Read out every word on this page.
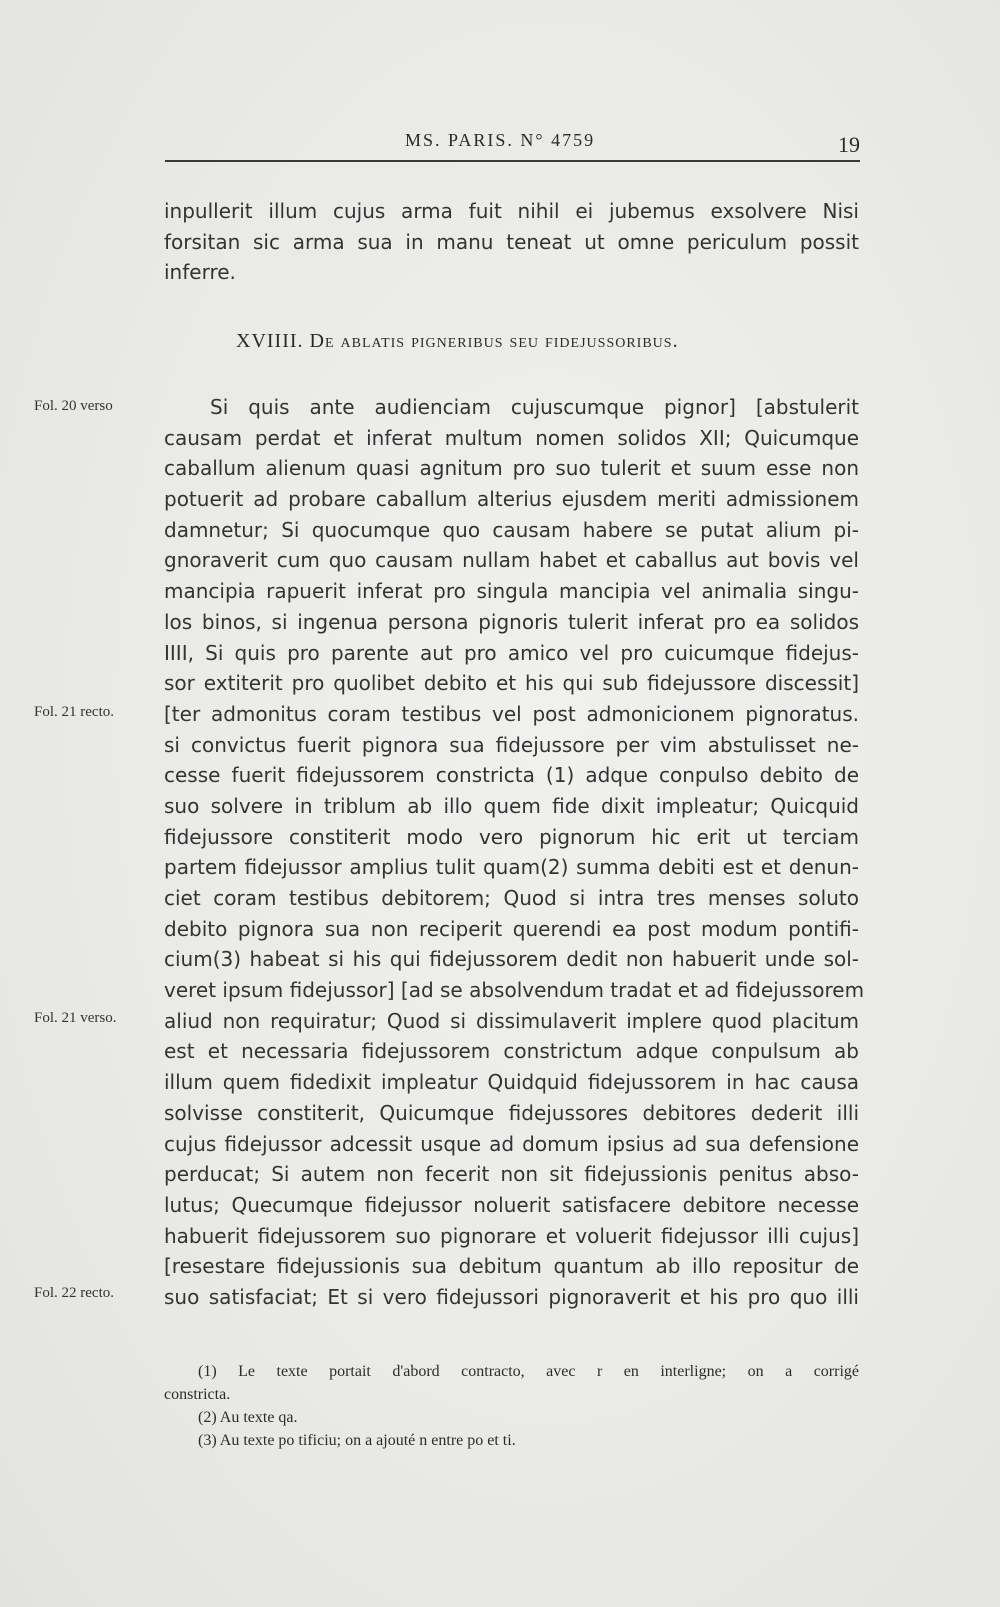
MS. PARIS. N° 4759	19
inpullerit illum cujus arma fuit nihil ei jubemus exsolvere Nisi
forsitan sic arma sua in manu teneat ut omne periculum possit
inferre.
XVIIII. De ablatis pigneribus seu fidejussoribus.
Fol. 20 verso
Fol. 21 recto.
Fol. 21 verso.
Fol. 22 recto.
Si quis ante audienciam cujuscumque pignor] [abstulerit
causam perdat et inferat multum nomen solidos XII; Quicumque
caballum alienum quasi agnitum pro suo tulerit et suum esse non
potuerit ad probare caballum alterius ejusdem meriti admissionem
damnetur; Si quocumque quo causam habere se putat alium pi-
gnoraverit cum quo causam nullam habet et caballus aut bovis vel
mancipia rapuerit inferat pro singula mancipia vel animalia singu-
los binos, si ingenua persona pignoris tulerit inferat pro ea solidos
IIII, Si quis pro parente aut pro amico vel pro cuicumque fidejus-
sor extiterit pro quolibet debito et his qui sub fidejussore discessit]
[ter admonitus coram testibus vel post admonicionem pignoratus.
si convictus fuerit pignora sua fidejussore per vim abstulisset ne-
cesse fuerit fidejussorem constricta (1) adque conpulso debito de
suo solvere in triblum ab illo quem fide dixit impleatur; Quicquid
fidejussore constiterit modo vero pignorum hic erit ut terciam
partem fidejussor amplius tulit quam(2) summa debiti est et denun-
ciet coram testibus debitorem; Quod si intra tres menses soluto
debito pignora sua non reciperit querendi ea post modum pontifi-
cium(3) habeat si his qui fidejussorem dedit non habuerit unde sol-
veret ipsum fidejussor] [ad se absolvendum tradat et ad fidejussorem
aliud non requiratur; Quod si dissimulaverit implere quod placitum
est et necessaria fidejussorem constrictum adque conpulsum ab
illum quem fidedixit impleatur Quidquid fidejussorem in hac causa
solvisse constiterit, Quicumque fidejussores debitores dederit illi
cujus fidejussor adcessit usque ad domum ipsius ad sua defensione
perducat; Si autem non fecerit non sit fidejussionis penitus abso-
lutus; Quecumque fidejussor noluerit satisfacere debitore necesse
habuerit fidejussorem suo pignorare et voluerit fidejussor illi cujus]
[resestare fidejussionis sua debitum quantum ab illo repositur de
suo satisfaciat; Et si vero fidejussori pignoraverit et his pro quo illi
(1) Le texte portait d'abord contracto, avec r en interligne; on a corrigé
constricta.
(2) Au texte qa.
(3) Au texte po tificiu; on a ajouté n entre po et ti.
